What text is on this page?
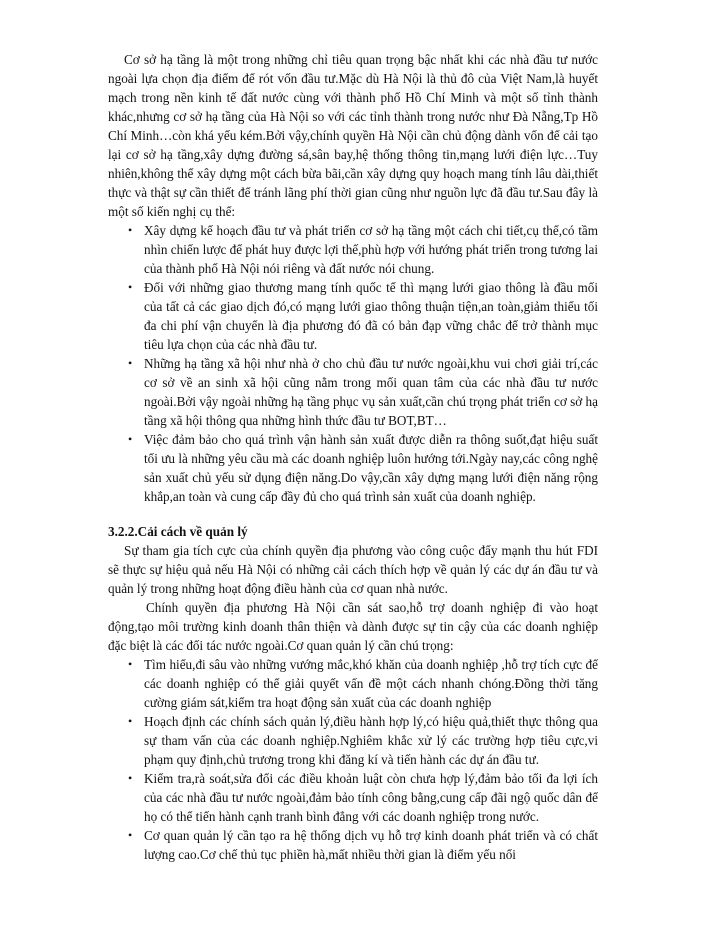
Cơ sở hạ tầng là một trong những chỉ tiêu quan trọng bậc nhất khi các nhà đầu tư nước ngoài lựa chọn địa điểm để rót vốn đầu tư.Mặc dù Hà Nội là thủ đô của Việt Nam,là huyết mạch trong nền kinh tế đất nước cùng với thành phố Hồ Chí Minh và một số tỉnh thành khác,nhưng cơ sở hạ tầng của Hà Nội so với các tỉnh thành trong nước như Đà Nẵng,Tp Hồ Chí Minh…còn khá yếu kém.Bởi vậy,chính quyền Hà Nội cần chủ động dành vốn để cải tạo lại cơ sở hạ tầng,xây dựng đường sá,sân bay,hệ thống thông tin,mạng lưới điện lực…Tuy nhiên,không thể xây dựng một cách bừa bãi,cần xây dựng quy hoạch mang tính lâu dài,thiết thực và thật sự cần thiết để tránh lãng phí thời gian cũng như nguồn lực đã đầu tư.Sau đây là một số kiến nghị cụ thể:

• Xây dựng kế hoạch đầu tư và phát triển cơ sở hạ tầng một cách chi tiết,cụ thể,có tầm nhìn chiến lược để phát huy được lợi thế,phù hợp với hướng phát triển trong tương lai của thành phố Hà Nội nói riêng và đất nước nói chung.
• Đối với những giao thương mang tính quốc tế thì mạng lưới giao thông là đầu mối của tất cả các giao dịch đó,có mạng lưới giao thông thuận tiện,an toàn,giảm thiểu tối đa chi phí vận chuyển là địa phương đó đã có bản đạp vững chắc để trở thành mục tiêu lựa chọn của các nhà đầu tư.
• Những hạ tầng xã hội như nhà ở cho chủ đầu tư nước ngoài,khu vui chơi giải trí,các cơ sở về an sinh xã hội cũng nằm trong mối quan tâm của các nhà đầu tư nước ngoài.Bởi vậy ngoài những hạ tầng phục vụ sản xuất,cần chú trọng phát triển cơ sở hạ tầng xã hội thông qua những hình thức đầu tư BOT,BT…
• Việc đảm bảo cho quá trình vận hành sản xuất được diễn ra thông suốt,đạt hiệu suất tối ưu là những yêu cầu mà các doanh nghiệp luôn hướng tới.Ngày nay,các công nghệ sản xuất chủ yếu sử dụng điện năng.Do vậy,cần xây dựng mạng lưới điện năng rộng khắp,an toàn và cung cấp đầy đủ cho quá trình sản xuất của doanh nghiệp.

3.2.2.Cải cách về quản lý

Sự tham gia tích cực của chính quyền địa phương vào công cuộc đẩy mạnh thu hút FDI sẽ thực sự hiệu quả nếu Hà Nội có những cải cách thích hợp về quản lý các dự án đầu tư và quản lý trong những hoạt động điều hành của cơ quan nhà nước.

Chính quyền địa phương Hà Nội cần sát sao,hỗ trợ doanh nghiệp đi vào hoạt động,tạo môi trường kinh doanh thân thiện và dành được sự tin cậy của các doanh nghiệp đặc biệt là các đối tác nước ngoài.Cơ quan quản lý cần chú trọng:

• Tìm hiểu,đi sâu vào những vướng mắc,khó khăn của doanh nghiệp ,hỗ trợ tích cực để các doanh nghiệp có thể giải quyết vấn đề một cách nhanh chóng.Đồng thời tăng cường giám sát,kiểm tra hoạt động sản xuất của các doanh nghiệp
• Hoạch định các chính sách quản lý,điều hành hợp lý,có hiệu quả,thiết thực thông qua sự tham vấn của các doanh nghiệp.Nghiêm khắc xử lý các trường hợp tiêu cực,vi phạm quy định,chủ trương trong khi đăng kí và tiến hành các dự án đầu tư.
• Kiểm tra,rà soát,sửa đổi các điều khoản luật còn chưa hợp lý,đảm bảo tối đa lợi ích của các nhà đầu tư nước ngoài,đảm bảo tính công bằng,cung cấp đãi ngộ quốc dân để họ có thể tiến hành cạnh tranh bình đẳng với các doanh nghiệp trong nước.
• Cơ quan quản lý cần tạo ra hệ thống dịch vụ hỗ trợ kinh doanh phát triển và có chất lượng cao.Cơ chế thủ tục phiền hà,mất nhiều thời gian là điểm yếu nổi
